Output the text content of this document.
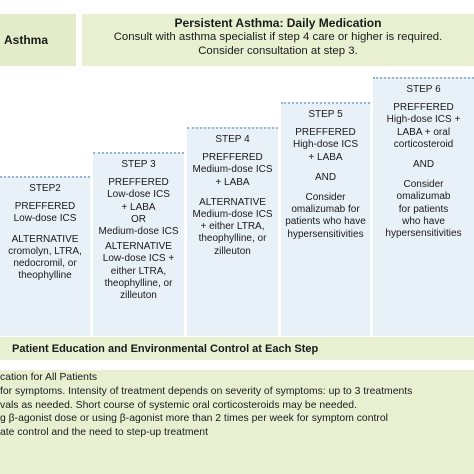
Asthma
Persistent Asthma: Daily Medication
Consult with asthma specialist if step 4 care or higher is required.
Consider consultation at step 3.
STEP2
PREFFERED
Low-dose ICS
ALTERNATIVE
cromolyn, LTRA,
nedocromil, or
theophylline
STEP 3
PREFFERED
Low-dose ICS
+ LABA
OR
Medium-dose ICS
ALTERNATIVE
Low-dose ICS +
either LTRA,
theophylline, or
zilleuton
STEP 4
PREFFERED
Medium-dose ICS
+ LABA
ALTERNATIVE
Medium-dose ICS
+ either LTRA,
theophylline, or
zilleuton
STEP 5
PREFFERED
High-dose ICS
+ LABA
AND
Consider
omalizumab for
patients who have
hypersensitivities
STEP 6
PREFFERED
High-dose ICS +
LABA + oral
corticosteroid
AND
Consider
omalizumab
for patients
who have
hypersensitivities
Patient Education and Environmental Control at Each Step
cation for All Patients
for symptoms. Intensity of treatment depends on severity of symptoms: up to 3 treatments
vals as needed. Short course of systemic oral corticosteroids may be needed.
g β-agonist dose or using β-agonist more than 2 times per week for symptom control
ate control and the need to step-up treatment
